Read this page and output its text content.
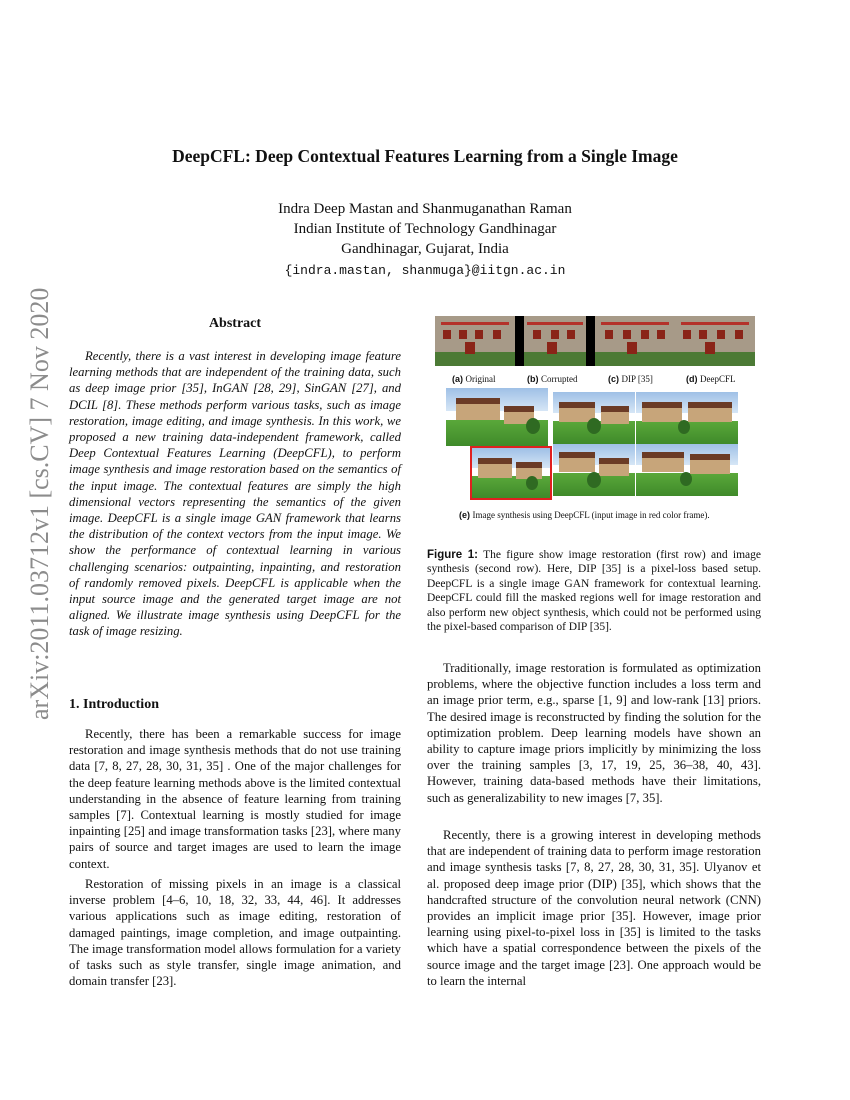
arXiv:2011.03712v1 [cs.CV] 7 Nov 2020
DeepCFL: Deep Contextual Features Learning from a Single Image
Indra Deep Mastan and Shanmuganathan Raman
Indian Institute of Technology Gandhinagar
Gandhinagar, Gujarat, India
{indra.mastan, shanmuga}@iitgn.ac.in
Abstract

Recently, there is a vast interest in developing image feature learning methods that are independent of the training data, such as deep image prior [35], InGAN [28, 29], SinGAN [27], and DCIL [8]. These methods perform various tasks, such as image restoration, image editing, and image synthesis. In this work, we proposed a new training data-independent framework, called Deep Contextual Features Learning (DeepCFL), to perform image synthesis and image restoration based on the semantics of the input image. The contextual features are simply the high dimensional vectors representing the semantics of the given image. DeepCFL is a single image GAN framework that learns the distribution of the context vectors from the input image. We show the performance of contextual learning in various challenging scenarios: outpainting, inpainting, and restoration of randomly removed pixels. DeepCFL is applicable when the input source image and the generated target image are not aligned. We illustrate image synthesis using DeepCFL for the task of image resizing.

1. Introduction

Recently, there has been a remarkable success for image restoration and image synthesis methods that do not use training data [7, 8, 27, 28, 30, 31, 35] . One of the major challenges for the deep feature learning methods above is the limited contextual understanding in the absence of feature learning from training samples [7]. Contextual learning is mostly studied for image inpainting [25] and image transformation tasks [23], where many pairs of source and target images are used to learn the image context.

Restoration of missing pixels in an image is a classical inverse problem [4–6, 10, 18, 32, 33, 44, 46]. It addresses various applications such as image editing, restoration of damaged paintings, image completion, and image outpainting. The image transformation model allows formulation for a variety of tasks such as style transfer, single image animation, and domain transfer [23].

(a) Original	(b) Corrupted	(c) DIP [35]	(d) DeepCFL
(e) Image synthesis using DeepCFL (input image in red color frame).

Figure 1: The figure show image restoration (first row) and image synthesis (second row). Here, DIP [35] is a pixel-loss based setup. DeepCFL is a single image GAN framework for contextual learning. DeepCFL could fill the masked regions well for image restoration and also perform new object synthesis, which could not be performed using the pixel-based comparison of DIP [35].

Traditionally, image restoration is formulated as optimization problems, where the objective function includes a loss term and an image prior term, e.g., sparse [1, 9] and low-rank [13] priors. The desired image is reconstructed by finding the solution for the optimization problem. Deep learning models have shown an ability to capture image priors implicitly by minimizing the loss over the training samples [3, 17, 19, 25, 36–38, 40, 43]. However, training data-based methods have their limitations, such as generalizability to new images [7, 35].

Recently, there is a growing interest in developing methods that are independent of training data to perform image restoration and image synthesis tasks [7, 8, 27, 28, 30, 31, 35]. Ulyanov et al. proposed deep image prior (DIP) [35], which shows that the handcrafted structure of the convolution neural network (CNN) provides an implicit image prior [35]. However, image prior learning using pixel-to-pixel loss in [35] is limited to the tasks which have a spatial correspondence between the pixels of the source image and the target image [23]. One approach would be to learn the internal
